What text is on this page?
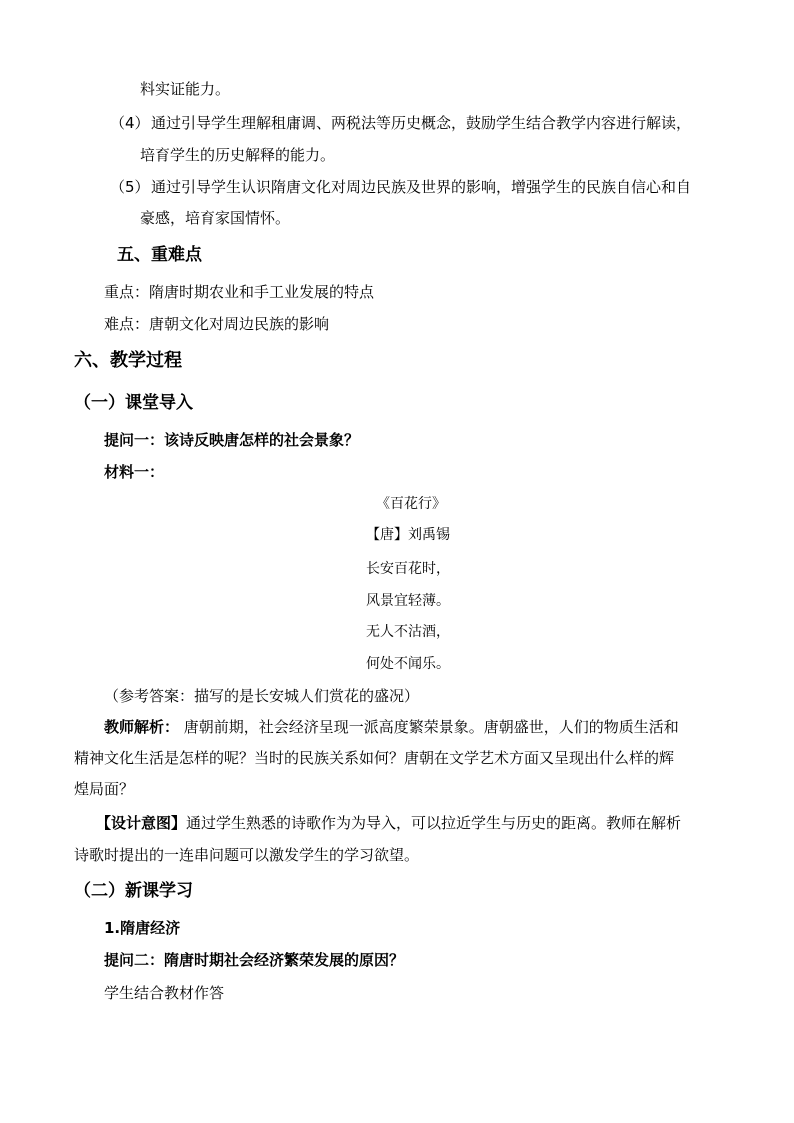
料实证能力。
（4） 通过引导学生理解租庸调、两税法等历史概念，鼓励学生结合教学内容进行解读，
培育学生的历史解释的能力。
（5） 通过引导学生认识隋唐文化对周边民族及世界的影响，增强学生的民族自信心和自
豪感，培育家国情怀。
五、重难点
重点：隋唐时期农业和手工业发展的特点
难点：唐朝文化对周边民族的影响
六、教学过程
（一）课堂导入
提问一：该诗反映唐怎样的社会景象？
材料一：
《百花行》
【唐】刘禹锡
长安百花时，
风景宜轻薄。
无人不沽酒，
何处不闻乐。
（参考答案：描写的是长安城人们赏花的盛况）
教师解析： 唐朝前期，社会经济呈现一派高度繁荣景象。唐朝盛世，人们的物质生活和
精神文化生活是怎样的呢？当时的民族关系如何？唐朝在文学艺术方面又呈现出什么样的辉
煌局面？
【设计意图】通过学生熟悉的诗歌作为为导入，可以拉近学生与历史的距离。教师在解析
诗歌时提出的一连串问题可以激发学生的学习欲望。
（二）新课学习
1.隋唐经济
提问二：隋唐时期社会经济繁荣发展的原因？
学生结合教材作答
